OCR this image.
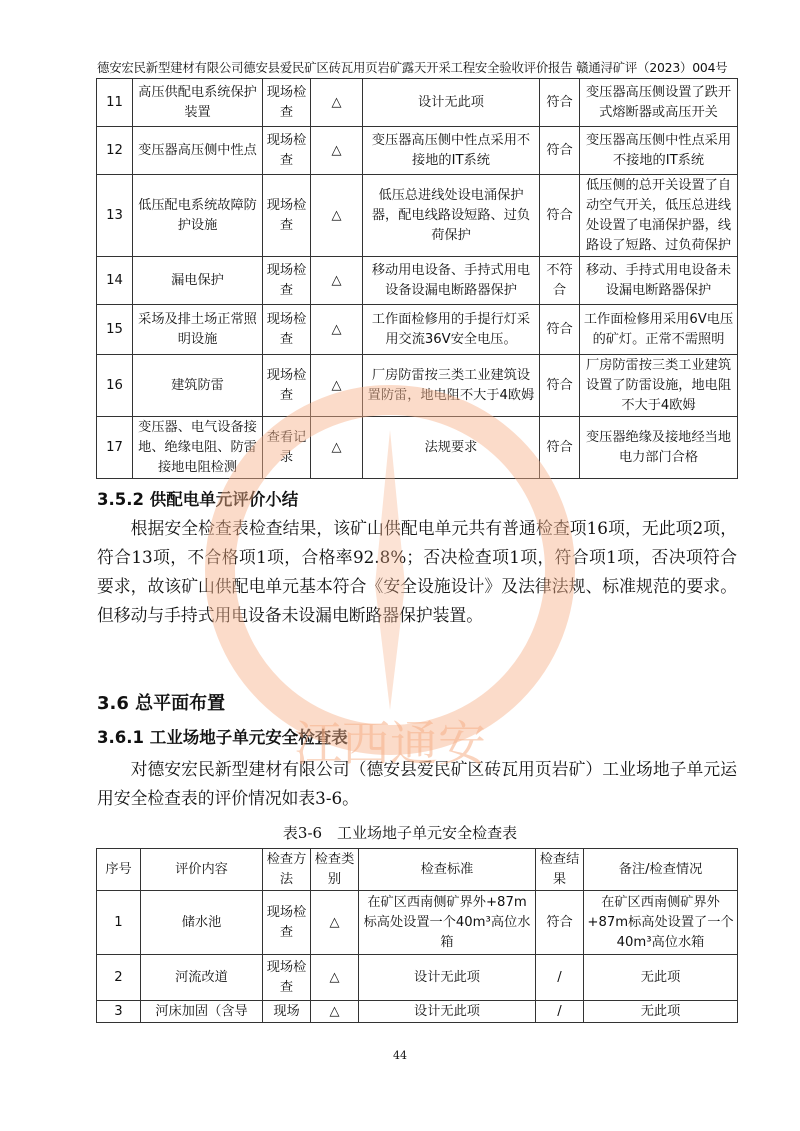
德安宏民新型建材有限公司德安县爱民矿区砖瓦用页岩矿露天开采工程安全验收评价报告 赣通浔矿评（2023）004号
11	高压供配电系统保护装置	现场检查	△	设计无此项	符合	变压器高压侧设置了跌开式熔断器或高压开关
12	变压器高压侧中性点	现场检查	△	变压器高压侧中性点采用不接地的IT系统	符合	变压器高压侧中性点采用不接地的IT系统
13	低压配电系统故障防护设施	现场检查	△	低压总进线处设电涌保护器，配电线路设短路、过负荷保护	符合	低压侧的总开关设置了自动空气开关，低压总进线处设置了电涌保护器，线路设了短路、过负荷保护
14	漏电保护	现场检查	△	移动用电设备、手持式用电设备设漏电断路器保护	不符合	移动、手持式用电设备未设漏电断路器保护
15	采场及排土场正常照明设施	现场检查	△	工作面检修用的手提行灯采用交流36V安全电压。	符合	工作面检修用采用6V电压的矿灯。正常不需照明
16	建筑防雷	现场检查	△	厂房防雷按三类工业建筑设置防雷，地电阻不大于4欧姆	符合	厂房防雷按三类工业建筑设置了防雷设施，地电阻不大于4欧姆
17	变压器、电气设备接地、绝缘电阻、防雷接地电阻检测	查看记录	△	法规要求	符合	变压器绝缘及接地经当地电力部门合格
3.5.2 供配电单元评价小结
根据安全检查表检查结果，该矿山供配电单元共有普通检查项16项，无此项2项，符合13项，不合格项1项，合格率92.8%；否决检查项1项，符合项1项，否决项符合要求，故该矿山供配电单元基本符合《安全设施设计》及法律法规、标准规范的要求。但移动与手持式用电设备未设漏电断路器保护装置。
3.6 总平面布置
3.6.1 工业场地子单元安全检查表
对德安宏民新型建材有限公司（德安县爱民矿区砖瓦用页岩矿）工业场地子单元运用安全检查表的评价情况如表3-6。
表3-6　工业场地子单元安全检查表
序号	评价内容	检查方法	检查类别	检查标准	检查结果	备注/检查情况
1	储水池	现场检查	△	在矿区西南侧矿界外+87m标高处设置一个40m³高位水箱	符合	在矿区西南侧矿界外+87m标高处设置了一个40m³高位水箱
2	河流改道	现场检查	△	设计无此项	/	无此项
3	河床加固（含导	现场	△	设计无此项	/	无此项
江西通安
44
